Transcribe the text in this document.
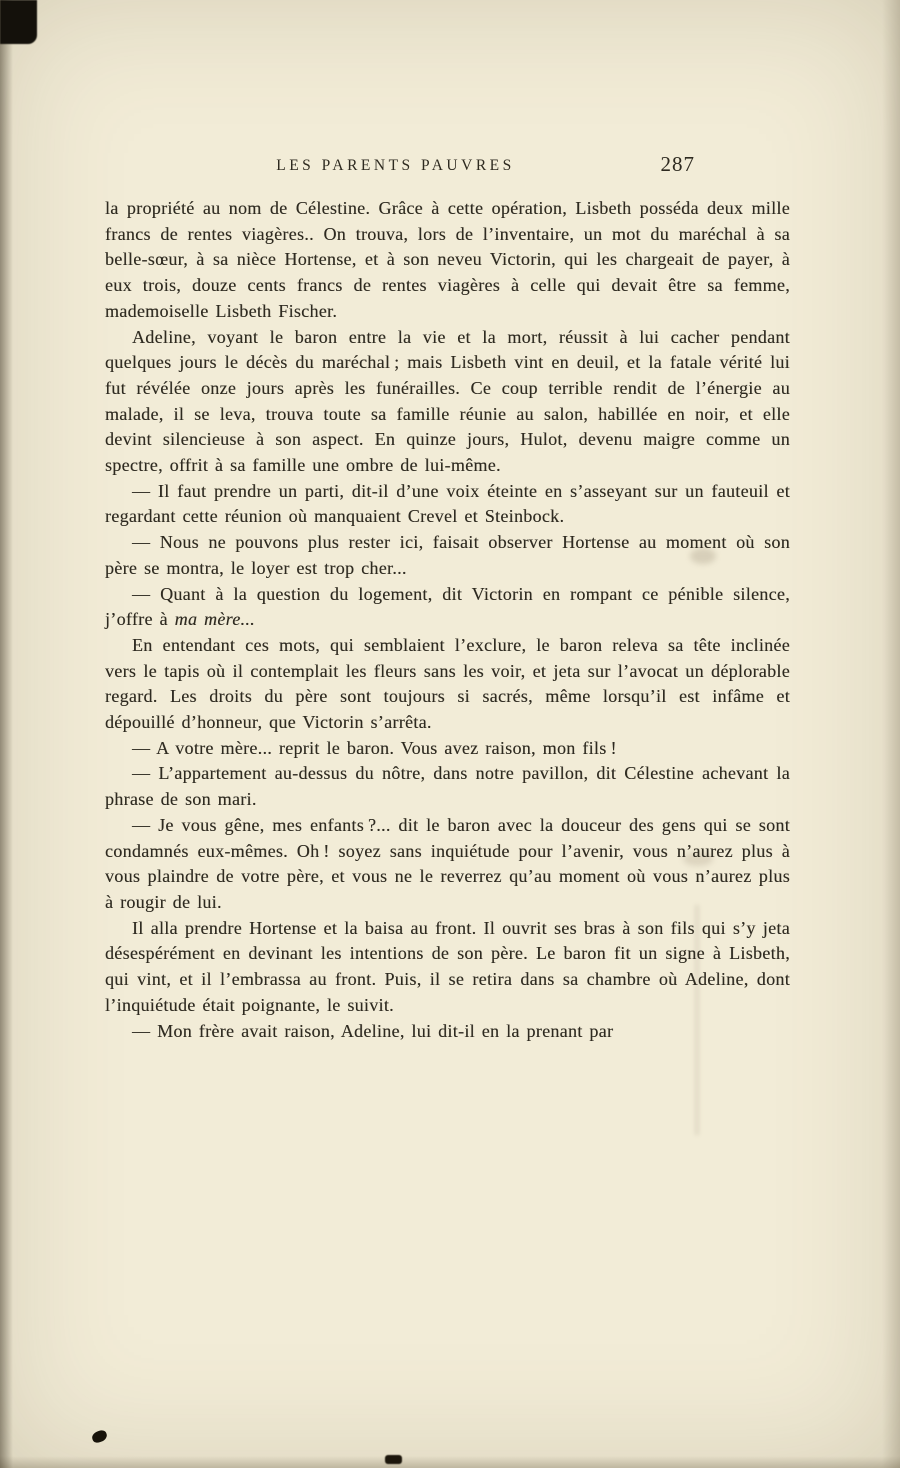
LES PARENTS PAUVRES	287

la propriété au nom de Célestine. Grâce à cette opération, Lisbeth posséda deux mille francs de rentes viagères.. On trouva, lors de l’inventaire, un mot du maréchal à sa belle-sœur, à sa nièce Hortense, et à son neveu Victorin, qui les chargeait de payer, à eux trois, douze cents francs de rentes viagères à celle qui devait être sa femme, mademoiselle Lisbeth Fischer.

Adeline, voyant le baron entre la vie et la mort, réussit à lui cacher pendant quelques jours le décès du maréchal ; mais Lisbeth vint en deuil, et la fatale vérité lui fut révélée onze jours après les funérailles. Ce coup terrible rendit de l’énergie au malade, il se leva, trouva toute sa famille réunie au salon, habillée en noir, et elle devint silencieuse à son aspect. En quinze jours, Hulot, devenu maigre comme un spectre, offrit à sa famille une ombre de lui-même.

— Il faut prendre un parti, dit-il d’une voix éteinte en s’asseyant sur un fauteuil et regardant cette réunion où manquaient Crevel et Steinbock.

— Nous ne pouvons plus rester ici, faisait observer Hortense au moment où son père se montra, le loyer est trop cher...

— Quant à la question du logement, dit Victorin en rompant ce pénible silence, j’offre à ma mère...

En entendant ces mots, qui semblaient l’exclure, le baron releva sa tête inclinée vers le tapis où il contemplait les fleurs sans les voir, et jeta sur l’avocat un déplorable regard. Les droits du père sont toujours si sacrés, même lorsqu’il est infâme et dépouillé d’honneur, que Victorin s’arrêta.

— A votre mère... reprit le baron. Vous avez raison, mon fils !

— L’appartement au-dessus du nôtre, dans notre pavillon, dit Célestine achevant la phrase de son mari.

— Je vous gêne, mes enfants ?... dit le baron avec la douceur des gens qui se sont condamnés eux-mêmes. Oh ! soyez sans inquiétude pour l’avenir, vous n’aurez plus à vous plaindre de votre père, et vous ne le reverrez qu’au moment où vous n’aurez plus à rougir de lui.

Il alla prendre Hortense et la baisa au front. Il ouvrit ses bras à son fils qui s’y jeta désespérément en devinant les intentions de son père. Le baron fit un signe à Lisbeth, qui vint, et il l’embrassa au front. Puis, il se retira dans sa chambre où Adeline, dont l’inquiétude était poignante, le suivit.

— Mon frère avait raison, Adeline, lui dit-il en la prenant par
